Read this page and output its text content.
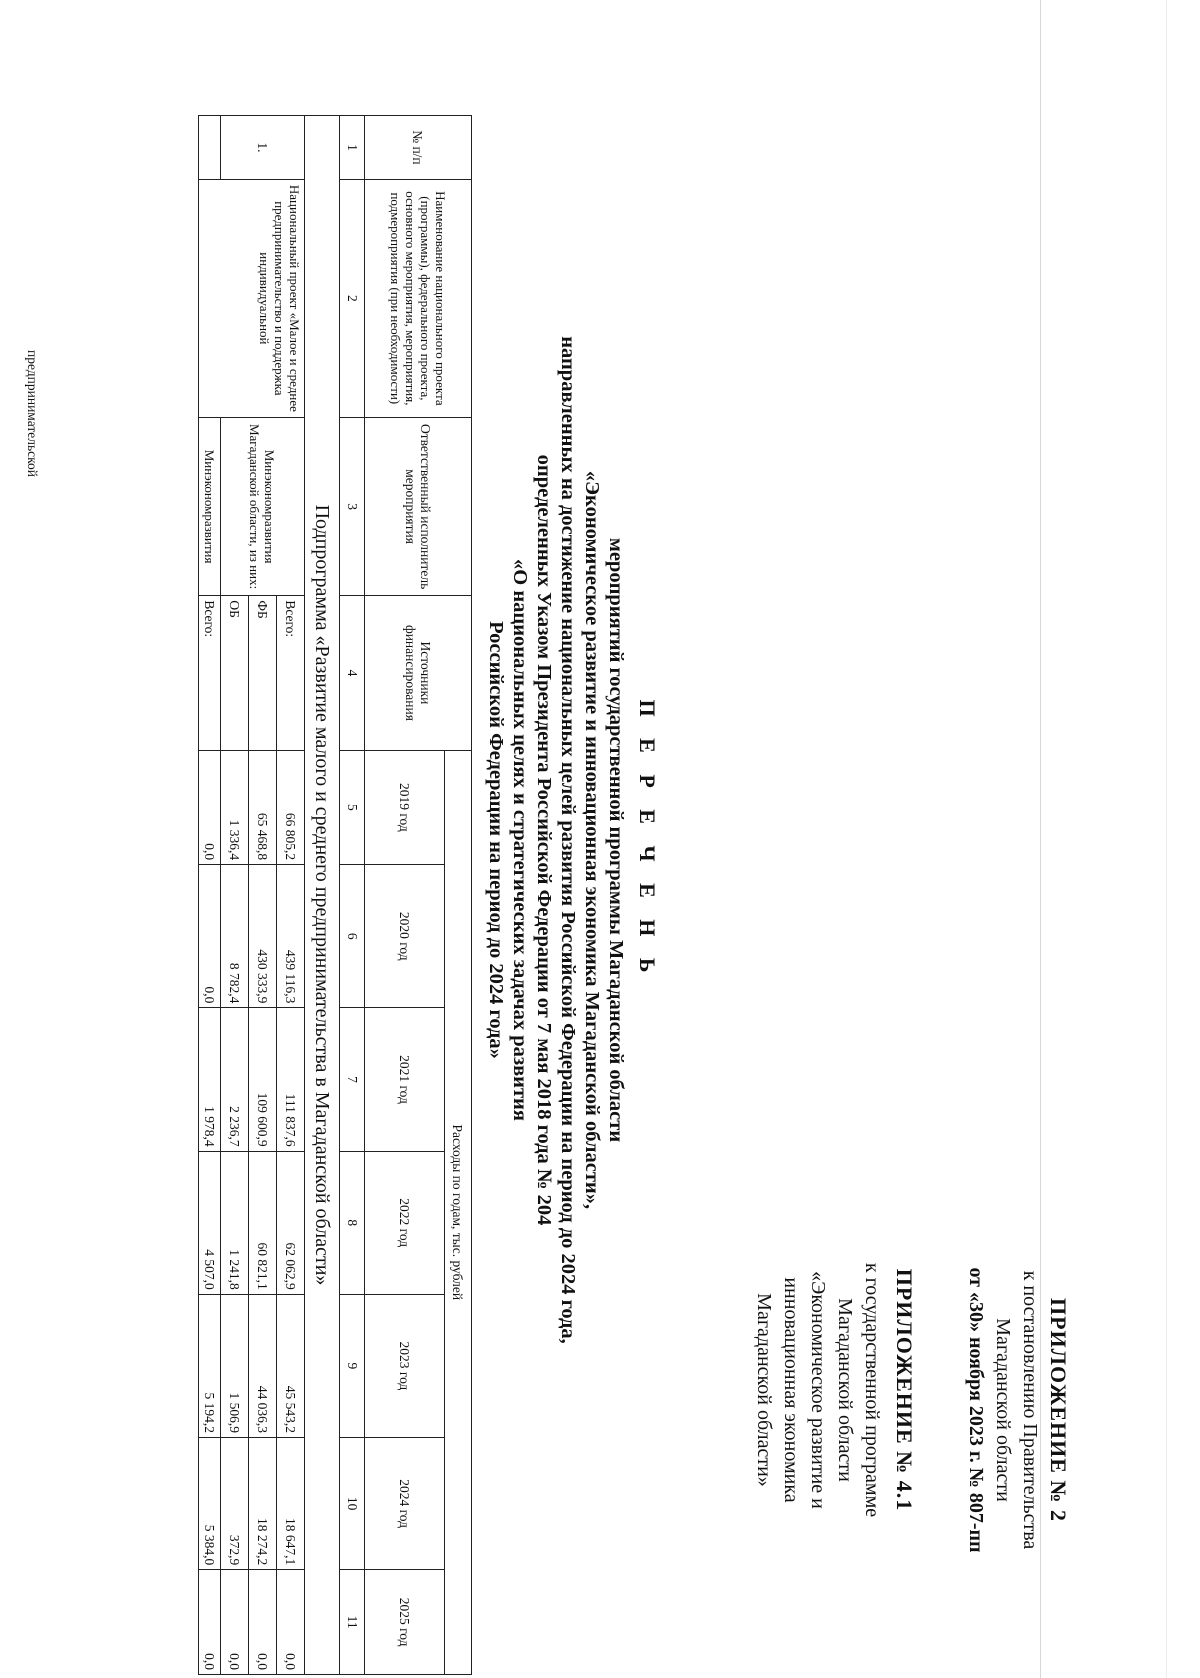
ПРИЛОЖЕНИЕ № 2
к постановлению Правительства
Магаданской области
от «30» ноября 2023 г. № 807-пп
ПРИЛОЖЕНИЕ № 4.1
к государственной программе
Магаданской области
«Экономическое развитие и
инновационная экономика
Магаданской области»
П Е Р Е Ч Е Н Ь
мероприятий государственной программы Магаданской области
«Экономическое развитие и инновационная экономика Магаданской области»,
направленных на достижение национальных целей развития Российской Федерации на период до 2024 года,
определенных Указом Президента Российской Федерации от 7 мая 2018 года № 204
«О национальных целях и стратегических задачах развития
Российской Федерации на период до 2024 года»
№ п/п	Наименование национального проекта (программы), федерального проекта, основного мероприятия, мероприятия, подмероприятия (при необходимости)	Ответственный исполнитель мероприятия	Источники финансирования	Расходы по годам, тыс. рублей						
				2019 год	2020 год	2021 год	2022 год	2023 год	2024 год	2025 год
1	2	3	4	5	6	7	8	9	10	11
Подпрограмма «Развитие малого и среднего предпринимательства в Магаданской области»										
1.	Национальный проект «Малое и среднее предпринимательство и поддержка индивидуальной	Минэкономразвития Магаданской области, из них:	Всего:	66 805,2	439 116,3	111 837,6	62 062,9	45 543,2	18 647,1	0,0
			ФБ	65 468,8	430 333,9	109 600,9	60 821,1	44 036,3	18 274,2	0,0
			ОБ	1 336,4	8 782,4	2 236,7	1 241,8	1 506,9	372,9	0,0
		Минэкономразвития	Всего:	0,0	0,0	1 978,4	4 507,0	5 194,2	5 384,0	0,0
предпринимательской
